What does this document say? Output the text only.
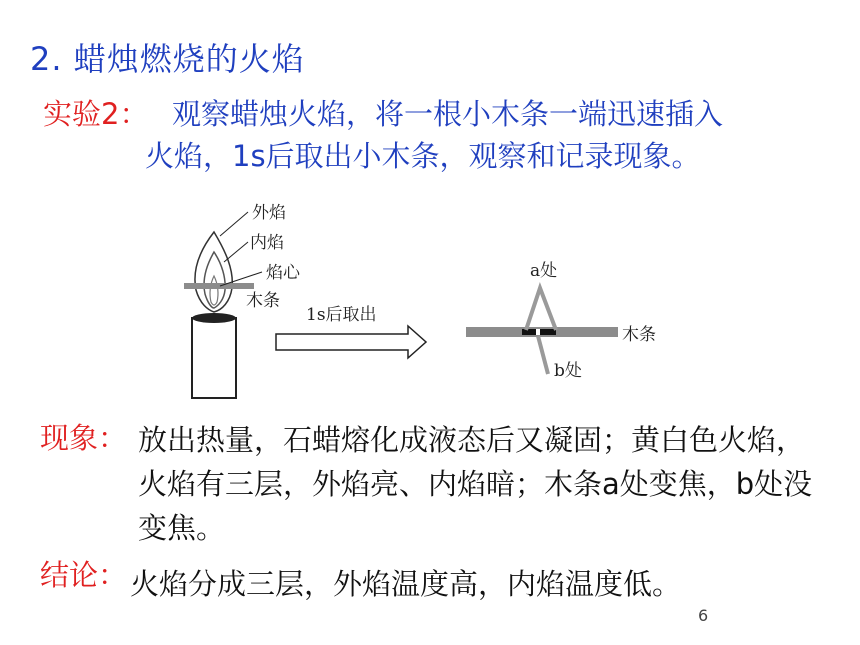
2. 蜡烛燃烧的火焰
实验2： 观察蜡烛火焰，将一根小木条一端迅速插入
火焰，1s后取出小木条，观察和记录现象。
外焰
内焰
焰心
木条
1s后取出
a处
b处
木条
现象： 放出热量，石蜡熔化成液态后又凝固；黄白色火焰，火焰有三层，外焰亮、内焰暗；木条a处变焦，b处没变焦。
结论： 火焰分成三层，外焰温度高，内焰温度低。
6
